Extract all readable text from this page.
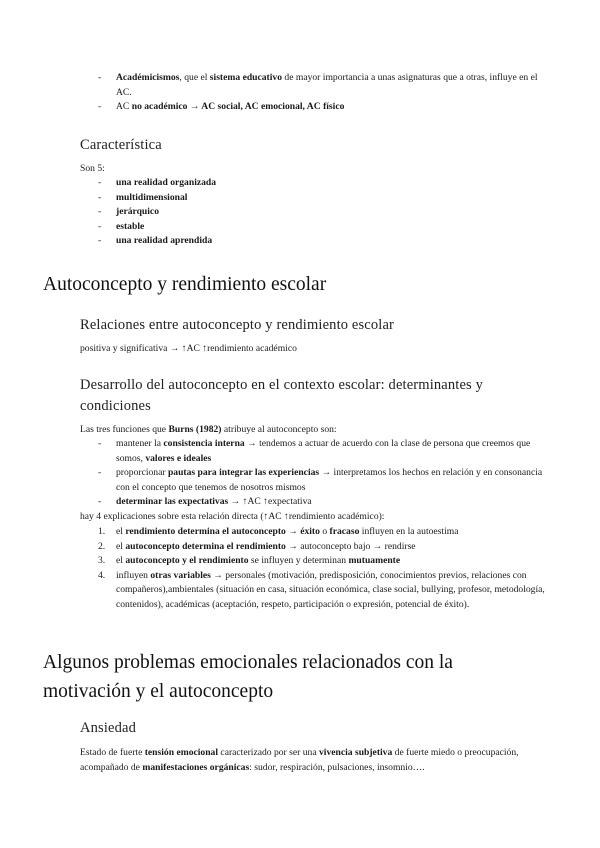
- Académicismos, que el sistema educativo de mayor importancia a unas asignaturas que a otras, influye en el AC.
- AC no académico → AC social, AC emocional, AC físico
Característica

Son 5:

- una realidad organizada
- multidimensional
- jerárquico
- estable
- una realidad aprendida
Autoconcepto y rendimiento escolar
Relaciones entre autoconcepto y rendimiento escolar

positiva y significativa → ↑AC ↑rendimiento académico

Desarrollo del autoconcepto en el contexto escolar: determinantes y condiciones

Las tres funciones que Burns (1982) atribuye al autoconcepto son:

- mantener la consistencia interna → tendemos a actuar de acuerdo con la clase de persona que creemos que somos, valores e ideales
- proporcionar pautas para integrar las experiencias → interpretamos los hechos en relación y en consonancia con el concepto que tenemos de nosotros mismos
- determinar las expectativas → ↑AC ↑expectativa

hay 4 explicaciones sobre esta relación directa (↑AC ↑rendimiento académico):

1. el rendimiento determina el autoconcepto → éxito o fracaso influyen en la autoestima
2. el autoconcepto determina el rendimiento → autoconcepto bajo → rendirse
3. el autoconcepto y el rendimiento se influyen y determinan mutuamente
4. influyen otras variables → personales (motivación, predisposición, conocimientos previos, relaciones con compañeros),ambientales (situación en casa, situación económica, clase social, bullying, profesor, metodología, contenidos), académicas (aceptación, respeto, participación o expresión, potencial de éxito).
Algunos problemas emocionales relacionados con la motivación y el autoconcepto
Ansiedad

Estado de fuerte tensión emocional caracterizado por ser una vivencia subjetiva de fuerte miedo o preocupación, acompañado de manifestaciones orgánicas: sudor, respiración, pulsaciones, insomnio….
